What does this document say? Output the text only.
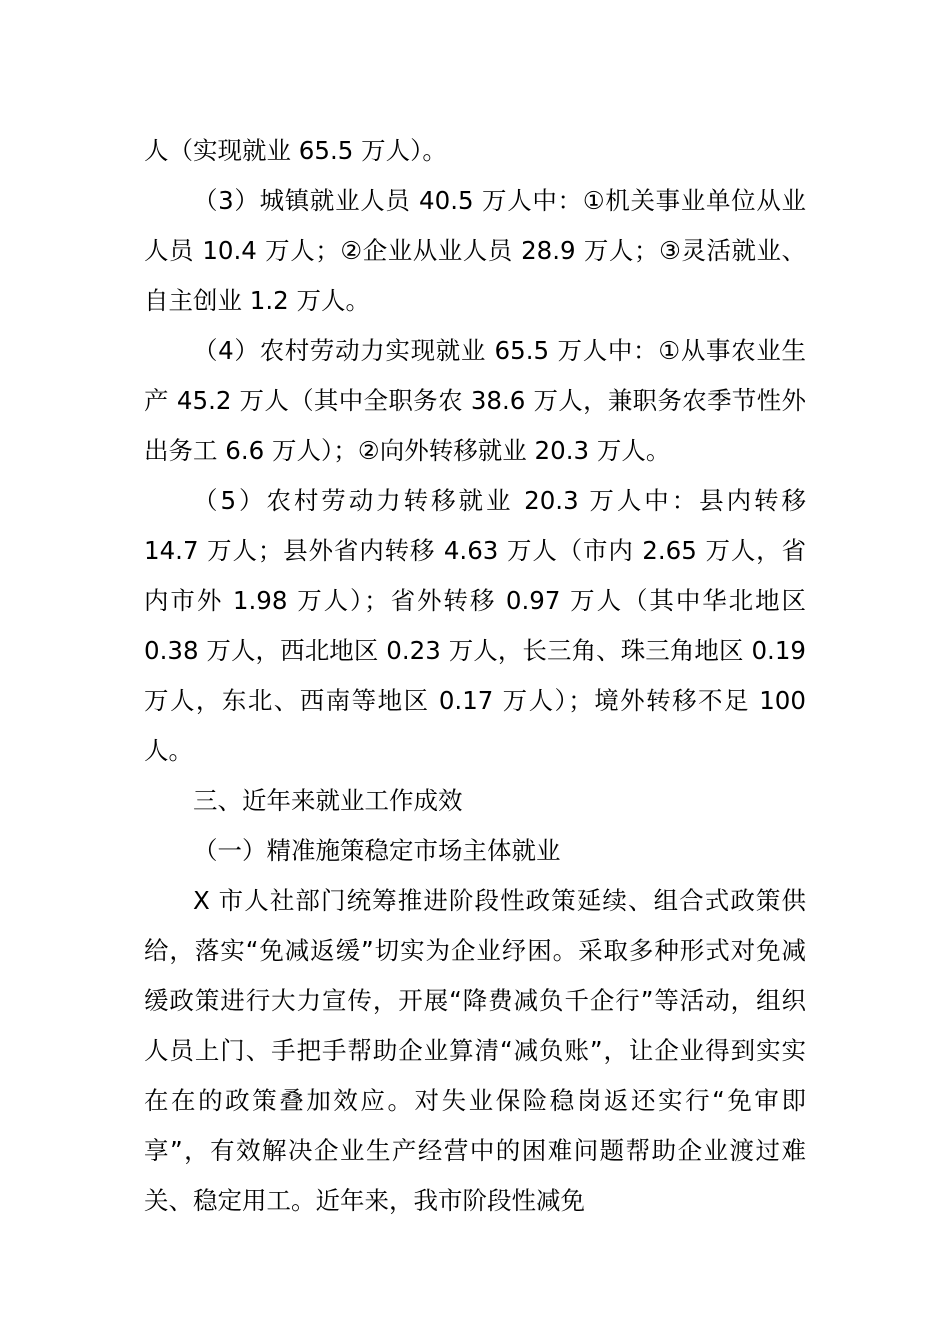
人（实现就业 65.5 万人）。

（3）城镇就业人员 40.5 万人中：①机关事业单位从业人员 10.4 万人；②企业从业人员 28.9 万人；③灵活就业、自主创业 1.2 万人。

（4）农村劳动力实现就业 65.5 万人中：①从事农业生产 45.2 万人（其中全职务农 38.6 万人，兼职务农季节性外出务工 6.6 万人）；②向外转移就业 20.3 万人。

（5）农村劳动力转移就业 20.3 万人中：县内转移 14.7 万人；县外省内转移 4.63 万人（市内 2.65 万人，省内市外 1.98 万人）；省外转移 0.97 万人（其中华北地区 0.38 万人，西北地区 0.23 万人，长三角、珠三角地区 0.19 万人，东北、西南等地区 0.17 万人）；境外转移不足 100 人。

三、近年来就业工作成效

（一）精准施策稳定市场主体就业

X 市人社部门统筹推进阶段性政策延续、组合式政策供给，落实“免减返缓”切实为企业纾困。采取多种形式对免减缓政策进行大力宣传，开展“降费减负千企行”等活动，组织人员上门、手把手帮助企业算清“减负账”，让企业得到实实在在的政策叠加效应。对失业保险稳岗返还实行“免审即享”，有效解决企业生产经营中的困难问题帮助企业渡过难关、稳定用工。近年来，我市阶段性减免
